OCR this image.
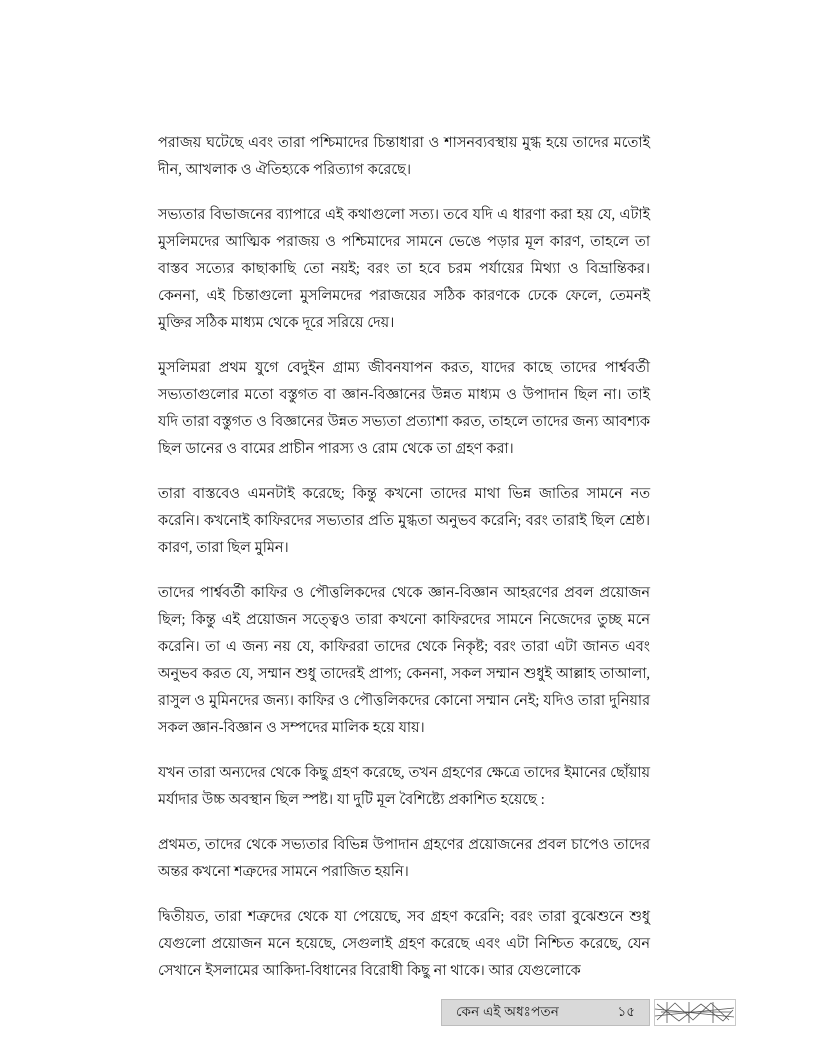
পরাজয় ঘটেছে এবং তারা পশ্চিমাদের চিন্তাধারা ও শাসনব্যবস্থায় মুগ্ধ হয়ে তাদের মতোই দীন, আখলাক ও ঐতিহ্যকে পরিত্যাগ করেছে।

সভ্যতার বিভাজনের ব্যাপারে এই কথাগুলো সত্য। তবে যদি এ ধারণা করা হয় যে, এটাই মুসলিমদের আত্মিক পরাজয় ও পশ্চিমাদের সামনে ভেঙে পড়ার মূল কারণ, তাহলে তা বাস্তব সত্যের কাছাকাছি তো নয়ই; বরং তা হবে চরম পর্যায়ের মিথ্যা ও বিভ্রান্তিকর। কেননা, এই চিন্তাগুলো মুসলিমদের পরাজয়ের সঠিক কারণকে ঢেকে ফেলে, তেমনই মুক্তির সঠিক মাধ্যম থেকে দূরে সরিয়ে দেয়।

মুসলিমরা প্রথম যুগে বেদুইন গ্রাম্য জীবনযাপন করত, যাদের কাছে তাদের পার্শ্ববর্তী সভ্যতাগুলোর মতো বস্তুগত বা জ্ঞান-বিজ্ঞানের উন্নত মাধ্যম ও উপাদান ছিল না। তাই যদি তারা বস্তুগত ও বিজ্ঞানের উন্নত সভ্যতা প্রত্যাশা করত, তাহলে তাদের জন্য আবশ্যক ছিল ডানের ও বামের প্রাচীন পারস্য ও রোম থেকে তা গ্রহণ করা।

তারা বাস্তবেও এমনটাই করেছে; কিন্তু কখনো তাদের মাথা ভিন্ন জাতির সামনে নত করেনি। কখনোই কাফিরদের সভ্যতার প্রতি মুগ্ধতা অনুভব করেনি; বরং তারাই ছিল শ্রেষ্ঠ। কারণ, তারা ছিল মুমিন।

তাদের পার্শ্ববর্তী কাফির ও পৌত্তলিকদের থেকে জ্ঞান-বিজ্ঞান আহরণের প্রবল প্রয়োজন ছিল; কিন্তু এই প্রয়োজন সত্ত্বেও তারা কখনো কাফিরদের সামনে নিজেদের তুচ্ছ মনে করেনি। তা এ জন্য নয় যে, কাফিররা তাদের থেকে নিকৃষ্ট; বরং তারা এটা জানত এবং অনুভব করত যে, সম্মান শুধু তাদেরই প্রাপ্য; কেননা, সকল সম্মান শুধুই আল্লাহ তাআলা, রাসুল ও মুমিনদের জন্য। কাফির ও পৌত্তলিকদের কোনো সম্মান নেই; যদিও তারা দুনিয়ার সকল জ্ঞান-বিজ্ঞান ও সম্পদের মালিক হয়ে যায়।

যখন তারা অন্যদের থেকে কিছু গ্রহণ করেছে, তখন গ্রহণের ক্ষেত্রে তাদের ইমানের ছোঁয়ায় মর্যাদার উচ্চ অবস্থান ছিল স্পষ্ট। যা দুটি মূল বৈশিষ্ট্যে প্রকাশিত হয়েছে :

প্রথমত, তাদের থেকে সভ্যতার বিভিন্ন উপাদান গ্রহণের প্রয়োজনের প্রবল চাপেও তাদের অন্তর কখনো শত্রুদের সামনে পরাজিত হয়নি।

দ্বিতীয়ত, তারা শত্রুদের থেকে যা পেয়েছে, সব গ্রহণ করেনি; বরং তারা বুঝেশুনে শুধু যেগুলো প্রয়োজন মনে হয়েছে, সেগুলাই গ্রহণ করেছে এবং এটা নিশ্চিত করেছে, যেন সেখানে ইসলামের আকিদা-বিধানের বিরোধী কিছু না থাকে। আর যেগুলোকে

কেন এই অধঃপতন	১৫
